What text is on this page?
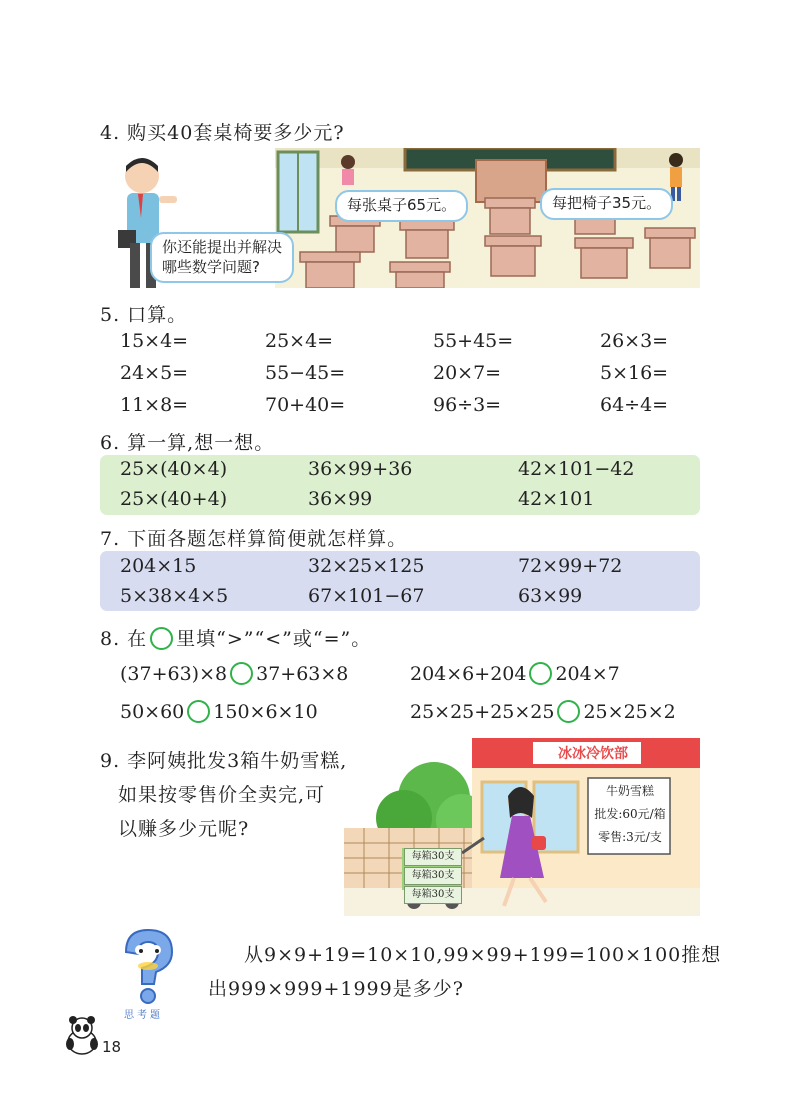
4. 购买40套桌椅要多少元?
你还能提出并解决
哪些数学问题?
每张桌子65元。	每把椅子35元。
5. 口算。
15×4=	25×4=	55+45=	26×3=
24×5=	55−45=	20×7=	5×16=
11×8=	70+40=	96÷3=	64÷4=
6. 算一算,想一想。
25×(40×4)	36×99+36	42×101−42
25×(40+4)	36×99	42×101
7. 下面各题怎样算简便就怎样算。
204×15	32×25×125	72×99+72
5×38×4×5	67×101−67	63×99
8. 在 里填“>”“<”或“=”。
(37+63)×8 37+63×8	204×6+204 204×7
50×60 150×6×10	25×25+25×25 25×25×2
9. 李阿姨批发3箱牛奶雪糕,
如果按零售价全卖完,可
以赚多少元呢?
冰冰冷饮部
牛奶雪糕
批发:60元/箱
零售:3元/支
每箱30支
每箱30支
每箱30支
思考题
从9×9+19=10×10,99×99+199=100×100推想
出999×999+1999是多少?
18
